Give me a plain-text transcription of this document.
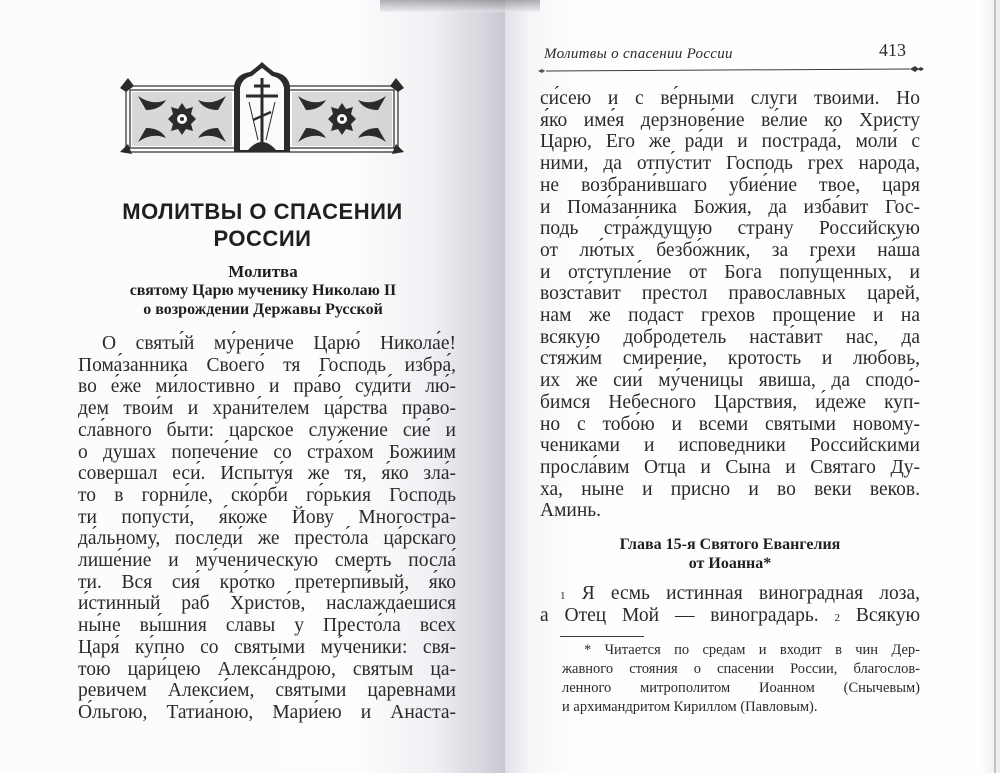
МОЛИТВЫ О СПАСЕНИИ
РОССИИ
Молитва
святому Царю мученику Николаю II
о возрождении Державы Русской
О святы́й му́рениче Царю́ Никола́е!
Пома́занника Своего́ тя Господь избра́,
во е́же ми́лостивно и пра́во суди́ти лю́-
дем твои́м и храни́телем ца́рства право-
сла́вного быти: царское служение сие́ и
о душах попече́ние со стра́хом Божиим
совершал еси́. Испыту́я же тя, я́ко зла́-
то в горни́ле, ско́рби го́рькия Господь
ти попусти́, я́коже Йову Многостра-
да́льному, последи́ же престо́ла ца́рскаго
лише́ние и му́ченическую смерть посла́
ти. Вся сия́ кро́тко претерпи́вый, я́ко
и́стинный раб Христо́в, наслажда́ешися
ны́не вы́шния славы у Престо́ла всех
Царя́ ку́пно со святыми му́ченики: свя-
тою цари́цею Алекса́ндрою, святым ца-
ревичем Алекси́ем, святыми царевнами
О́льгою, Татиа́ною, Мари́ею и Анаста-
Молитвы о спасении России	413
си́сею и с ве́рными слуги твоими. Но
я́ко име́я дерзнове́ние ве́лие ко Христу
Царю, Его же ра́ди и пострада́, моли́ с
ними, да отпу́стит Господь грех народа,
не возбрани́вшаго убие́ние твое, царя
и Пома́занника Божия, да изба́вит Гос-
подь стра́ждущую страну Российскую
от лю́тых безбо́жник, за грехи на́ша
и отступле́ние от Бога попу́щенных, и
возста́вит престол православных царей,
нам же подаст грехов прощение и на
всякую добродетель наста́вит нас, да
стяжи́м смирение, кротость и любовь,
их же сии́ му́ченицы явиша, да сподо́-
бимся Небесного Царствия, и́деже куп-
но с тобо́ю и всеми святыми новому-
чениками и исповедники Российскими
просла́вим Отца и Сына и Святаго Ду-
ха, ныне и присно и во веки веков.
Аминь.
Глава 15-я Святого Евангелия
от Иоанна*
$^1$ Я есмь истинная виноградная лоза,
а Отец Мой — виноградарь. $^2$ Всякую
* Читается по средам и входит в чин Дер-
жавного стояния о спасении России, благослов-
ленного митрополитом Иоанном (Снычевым)
и архимандритом Кириллом (Павловым).
